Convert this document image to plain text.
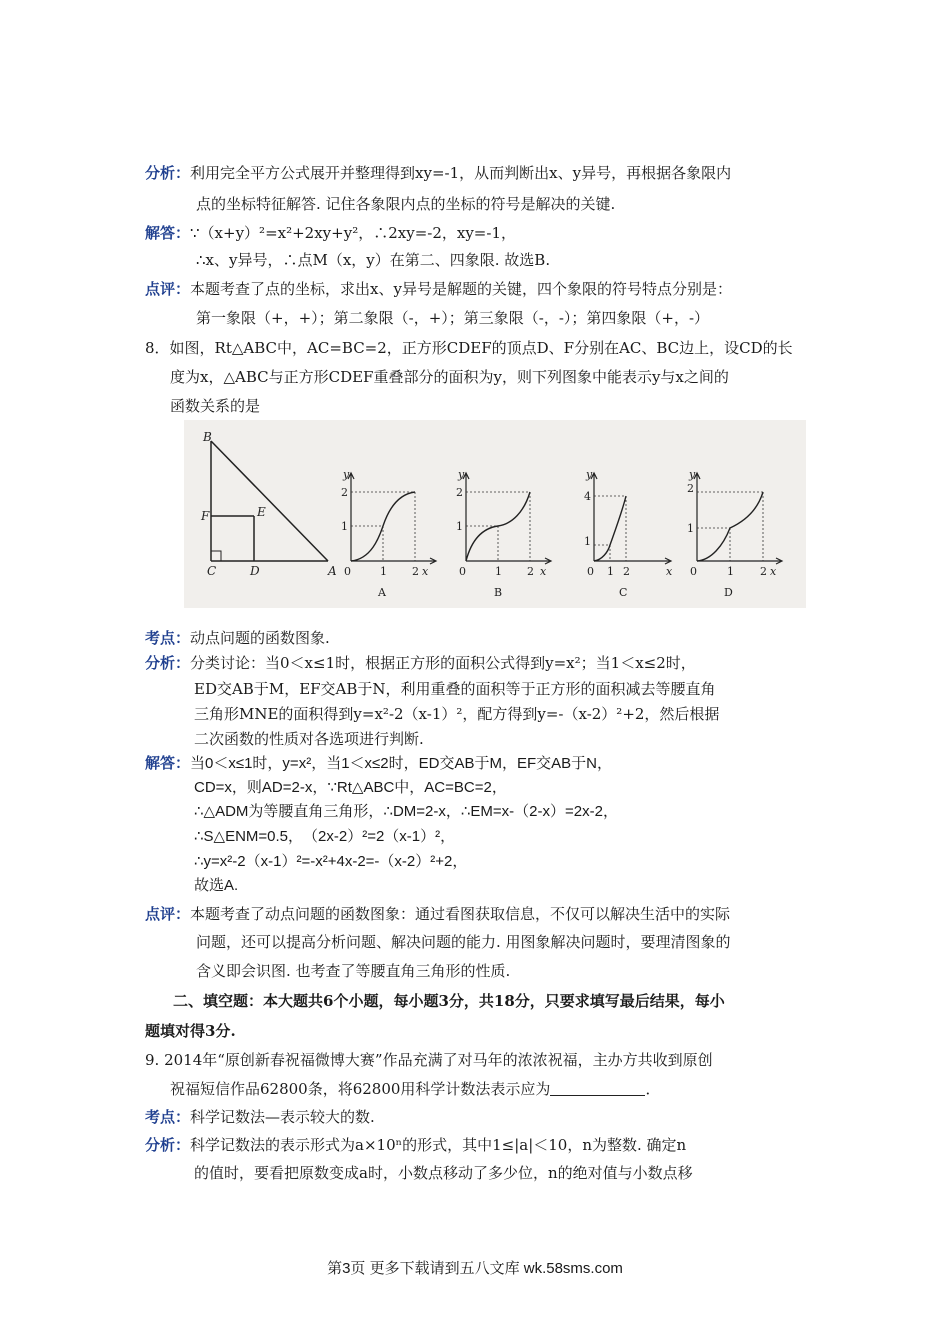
分析：利用完全平方公式展开并整理得到xy=-1，从而判断出x、y异号，再根据各象限内
点的坐标特征解答. 记住各象限内点的坐标的符号是解决的关键.
解答：∵（x+y）²=x²+2xy+y²，∴2xy=-2，xy=-1，
∴x、y异号，∴点M（x，y）在第二、四象限. 故选B.
点评：本题考查了点的坐标，求出x、y异号是解题的关键，四个象限的符号特点分别是：
第一象限（+，+）；第二象限（-，+）；第三象限（-，-）；第四象限（+，-）
8．如图，Rt△ABC中，AC=BC=2，正方形CDEF的顶点D、F分别在AC、BC边上，设CD的长
度为x，△ABC与正方形CDEF重叠部分的面积为y，则下列图象中能表示y与x之间的
函数关系的是
B
F	E
C	D	A
y
2
1
0	1 2 x
A
y
2
1
0	1 2 x
B
y
4
1
0 1 2	x
C
y
2
1
0	1 2 x
D
考点：动点问题的函数图象.
分析：分类讨论：当0＜x≤1时，根据正方形的面积公式得到y=x²；当1＜x≤2时，
ED交AB于M，EF交AB于N，利用重叠的面积等于正方形的面积减去等腰直角
三角形MNE的面积得到y=x²-2（x-1）²，配方得到y=-（x-2）²+2，然后根据
二次函数的性质对各选项进行判断.
解答：当0＜x≤1时，y=x²，当1＜x≤2时，ED交AB于M，EF交AB于N，
CD=x，则AD=2-x，∵Rt△ABC中，AC=BC=2，
∴△ADM为等腰直角三角形，∴DM=2-x，∴EM=x-（2-x）=2x-2，
∴S△ENM=0.5，　（2x-2）²=2（x-1）²，
∴y=x²-2（x-1）²=-x²+4x-2=-（x-2）²+2，
故选A.
点评：本题考查了动点问题的函数图象：通过看图获取信息，不仅可以解决生活中的实际
问题，还可以提高分析问题、解决问题的能力. 用图象解决问题时，要理清图象的
含义即会识图. 也考查了等腰直角三角形的性质.
二、填空题：本大题共6个小题，每小题3分，共18分，只要求填写最后结果，每小
题填对得3分.
9. 2014年“原创新春祝福微博大赛”作品充满了对马年的浓浓祝福，主办方共收到原创
祝福短信作品62800条，将62800用科学计数法表示应为	．
考点：科学记数法—表示较大的数.
分析：科学记数法的表示形式为a×10ⁿ的形式，其中1≤|a|＜10，n为整数. 确定n
的值时，要看把原数变成a时，小数点移动了多少位，n的绝对值与小数点移
第3页 更多下载请到五八文库 wk.58sms.com
